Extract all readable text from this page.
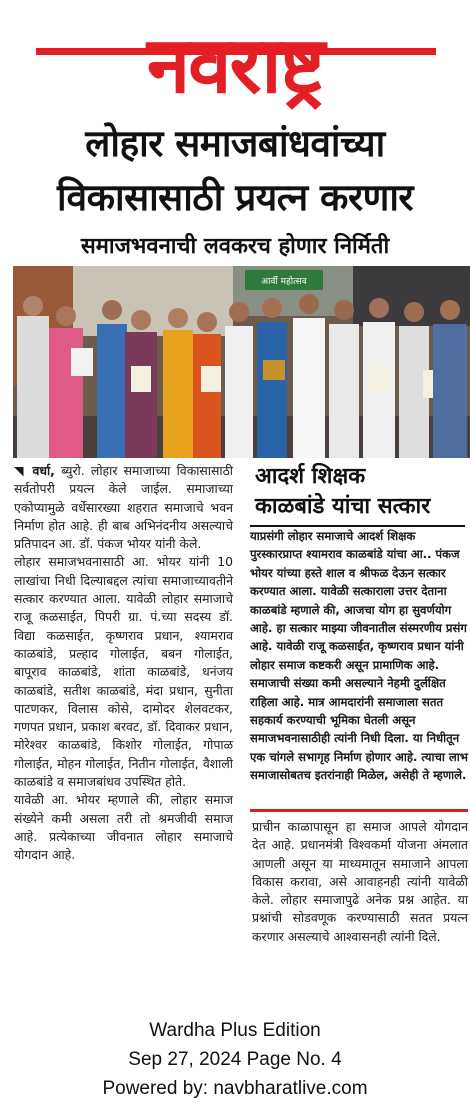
नवराष्ट्र
लोहार समाजबांधवांच्या
विकासासाठी प्रयत्न करणार
समाजभवनाची लवकरच होणार निर्मिती
आर्वी महोत्सव

◥ वर्धा, ब्युरो. लोहार समाजाच्या विकासासाठी सर्वतोपरी प्रयत्न केले जाईल. समाजाच्या एकोप्यामुळे वर्धेसारख्या शहरात समाजाचे भवन निर्माण होत आहे. ही बाब अभिनंदनीय असल्याचे प्रतिपादन आ. डॉ. पंकज भोयर यांनी केले.

लोहार समाजभवनासाठी आ. भोयर यांनी 10 लाखांचा निधी दिल्याबद्दल त्यांचा समाजाच्यावतीने सत्कार करण्यात आला. यावेळी लोहार समाजाचे राजू कळसाईत, पिपरी ग्रा. पं.च्या सदस्य डॉ. विद्या कळसाईत, कृष्णराव प्रधान, श्यामराव काळबांडे, प्रल्हाद गोलाईत, बबन गोलाईत, बापूराव काळबांडे, शांता काळबांडे, धनंजय काळबांडे, सतीश काळबांडे, मंदा प्रधान, सुनीता पाटणकर, विलास कोसे, दामोदर शेलवटकर, गणपत प्रधान, प्रकाश बरवट, डॉ. दिवाकर प्रधान, मोरेश्वर काळबांडे, किशोर गोलाईत, गोपाळ गोलाईत, मोहन गोलाईत, नितीन गोलाईत, वैशाली काळबांडे व समाजबांधव उपस्थित होते.

यावेळी आ. भोयर म्हणाले की, लोहार समाज संख्येने कमी असला तरी तो श्रमजीवी समाज आहे. प्रत्येकाच्या जीवनात लोहार समाजाचे योगदान आहे.

आदर्श शिक्षक
काळबांडे यांचा सत्कार

याप्रसंगी लोहार समाजाचे आदर्श शिक्षक पुरस्कारप्राप्त श्यामराव काळबांडे यांचा आ.. पंकज भोयर यांच्या हस्ते शाल व श्रीफळ देऊन सत्कार करण्यात आला. यावेळी सत्काराला उत्तर देताना काळबांडे म्हणाले की, आजचा योग हा सुवर्णयोग आहे. हा सत्कार माझ्या जीवनातील संस्मरणीय प्रसंग आहे. यावेळी राजू कळसाईत, कृष्णराव प्रधान यांनी लोहार समाज कष्टकरी असून प्रामाणिक आहे. समाजाची संख्या कमी असल्याने नेहमी दुर्लक्षित राहिला आहे. मात्र आमदारांनी समाजाला सतत सहकार्य करण्याची भूमिका घेतली असून समाजभवनासाठीही त्यांनी निधी दिला. या निधीतून एक चांगले सभागृह निर्माण होणार आहे. त्याचा लाभ समाजासोबतच इतरांनाही मिळेल, असेही ते म्हणाले.

प्राचीन काळापासून हा समाज आपले योगदान देत आहे. प्रधानमंत्री विश्वकर्मा योजना अंमलात आणली असून या माध्यमातून समाजाने आपला विकास करावा, असे आवाहनही त्यांनी यावेळी केले. लोहार समाजापुढे अनेक प्रश्न आहेत. या प्रश्नांची सोडवणूक करण्यासाठी सतत प्रयत्न करणार असल्याचे आश्वासनही त्यांनी दिले.

Wardha Plus Edition
Sep 27, 2024 Page No. 4
Powered by: navbharatlive.com
